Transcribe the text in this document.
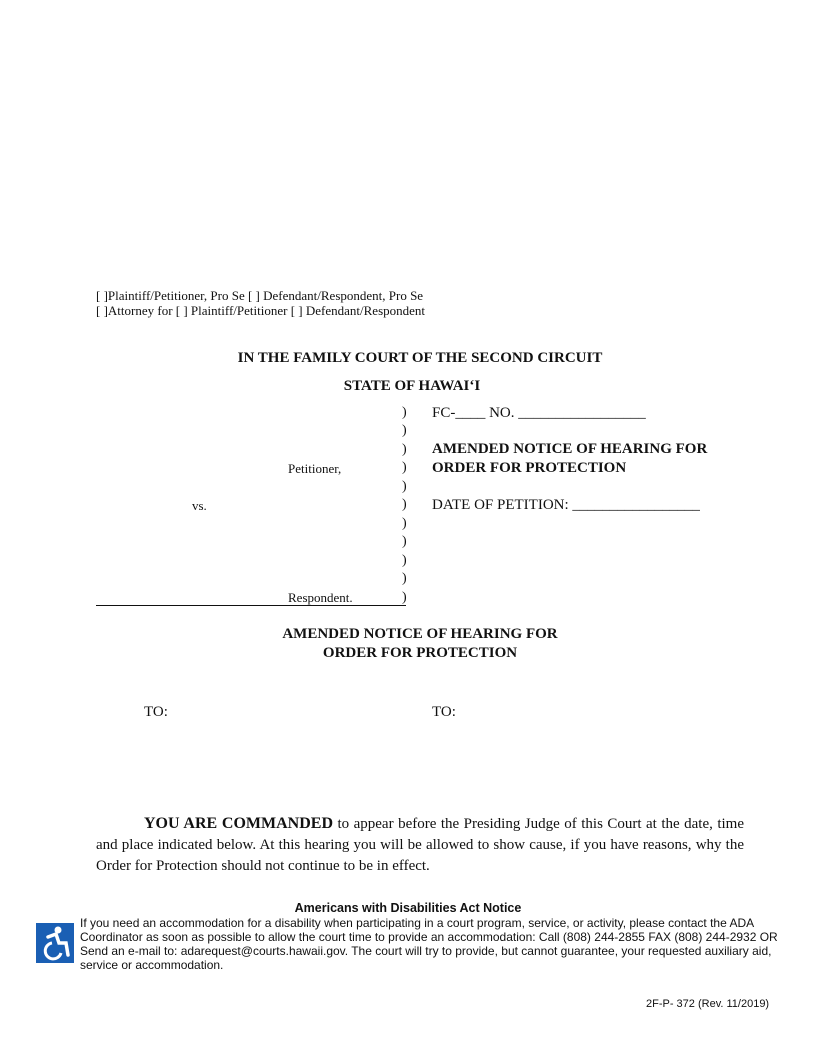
[ ]Plaintiff/Petitioner, Pro Se [ ] Defendant/Respondent, Pro Se
[ ]Attorney for [ ] Plaintiff/Petitioner [ ] Defendant/Respondent
IN THE FAMILY COURT OF THE SECOND CIRCUIT
STATE OF HAWAIʻI
)
)
)
)
)
)
)
)
)
)
)
FC-____ NO. _________________
AMENDED NOTICE OF HEARING FOR
ORDER FOR PROTECTION
Petitioner,
vs.	DATE OF PETITION: _________________
Respondent.
AMENDED NOTICE OF HEARING FOR
ORDER FOR PROTECTION
TO:	TO:
YOU ARE COMMANDED to appear before the Presiding Judge of this Court at the date, time and place indicated below. At this hearing you will be allowed to show cause, if you have reasons, why the Order for Protection should not continue to be in effect.
Americans with Disabilities Act Notice
If you need an accommodation for a disability when participating in a court program, service, or activity, please contact the ADA Coordinator as soon as possible to allow the court time to provide an accommodation: Call (808) 244-2855 FAX (808) 244-2932 OR Send an e-mail to: adarequest@courts.hawaii.gov. The court will try to provide, but cannot guarantee, your requested auxiliary aid, service or accommodation.
2F-P- 372 (Rev. 11/2019)
